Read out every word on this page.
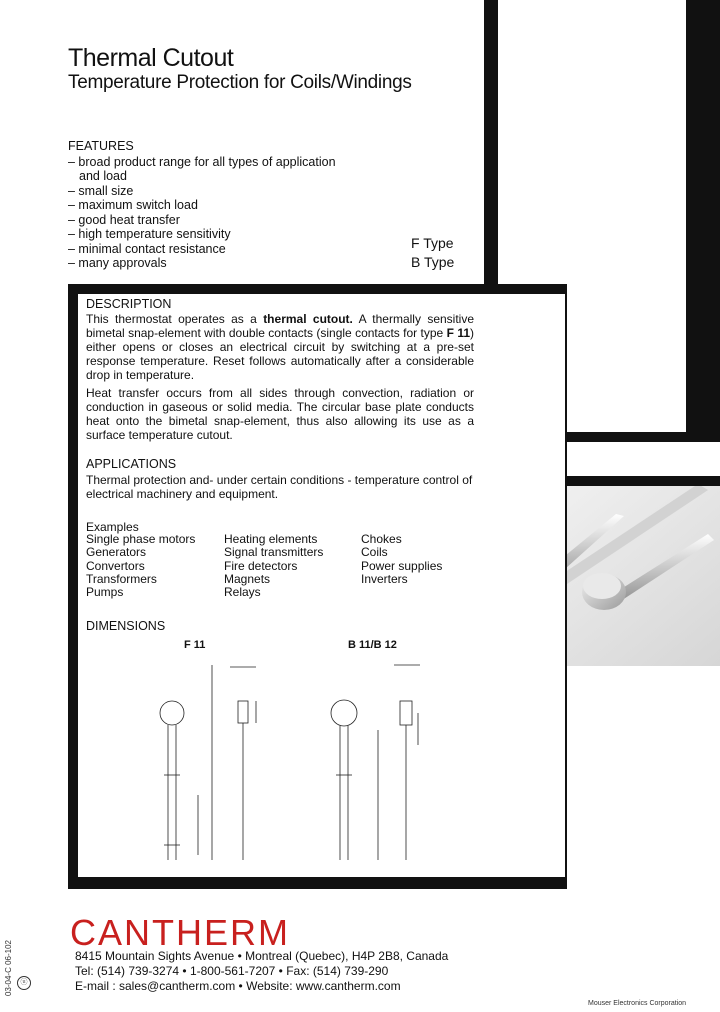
Thermal Cutout
Temperature Protection for Coils/Windings
FEATURES
– broad product range for all types of application
and load
– small size
– maximum switch load
– good heat transfer
– high temperature sensitivity
– minimal contact resistance
– many approvals
F Type
B Type
DESCRIPTION

This thermostat operates as a thermal cutout. A thermally sensitive bimetal snap-element with double contacts (single contacts for type F 11) either opens or closes an electrical circuit by switching at a pre-set response temperature. Reset follows automatically after a considerable drop in temperature.

Heat transfer occurs from all sides through convection, radiation or conduction in gaseous or solid media. The circular base plate conducts heat onto the bimetal snap-element, thus also allowing its use as a surface temperature cutout.

APPLICATIONS
Thermal protection and- under certain conditions - temperature control of electrical machinery and equipment.
Examples
Single phase motors
Generators
Convertors
Transformers
Pumps
Heating elements
Signal transmitters
Fire detectors
Magnets
Relays
Chokes
Coils
Power supplies
Inverters
DIMENSIONS
F 11	B 11/B 12
CANTHERM
8415 Mountain Sights Avenue • Montreal (Quebec), H4P 2B8, Canada
Tel: (514) 739-3274 • 1-800-561-7207 • Fax: (514) 739-290
E-mail : sales@cantherm.com • Website: www.cantherm.com
03-04-C 06-102	ⓤ
Mouser Electronics Corporation
